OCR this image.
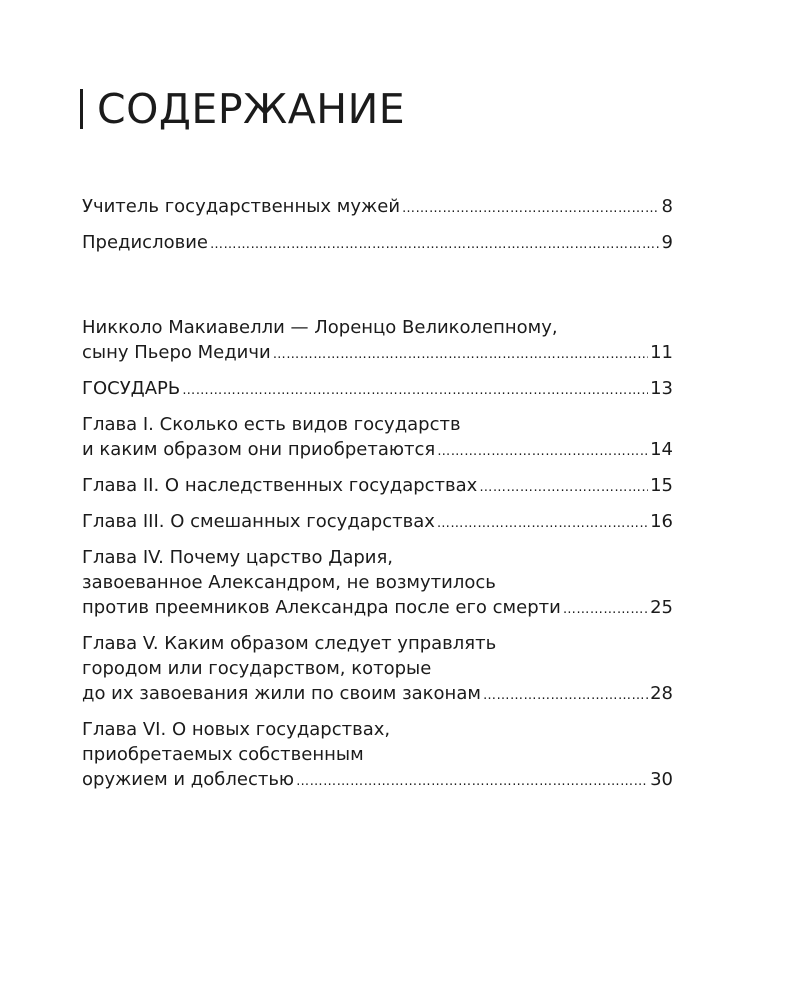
СОДЕРЖАНИЕ
Учитель государственных мужей ……………………………………………………………………………………………………………………………………………………………………………………………………	8
Предисловие ……………………………………………………………………………………………………………………………………………………………………………………………………	9
Никколо Макиавелли — Лоренцо Великолепному,
сыну Пьеро Медичи ……………………………………………………………………………………………………………………………………………………………………………………………………	11
ГОСУДАРЬ ……………………………………………………………………………………………………………………………………………………………………………………………………	13
Глава I. Сколько есть видов государств
и каким образом они приобретаются ……………………………………………………………………………………………………………………………………………………………………………………………………	14
Глава II. О наследственных государствах ……………………………………………………………………………………………………………………………………………………………………………………………………	15
Глава III. О смешанных государствах ……………………………………………………………………………………………………………………………………………………………………………………………………	16
Глава IV. Почему царство Дария,
завоеванное Александром, не возмутилось
против преемников Александра после его смерти ……………………………………………………………………………………………………………………………………………………………………………………………………	25
Глава V. Каким образом следует управлять
городом или государством, которые
до их завоевания жили по своим законам ……………………………………………………………………………………………………………………………………………………………………………………………………	28
Глава VI. О новых государствах,
приобретаемых собственным
оружием и доблестью ……………………………………………………………………………………………………………………………………………………………………………………………………	30
